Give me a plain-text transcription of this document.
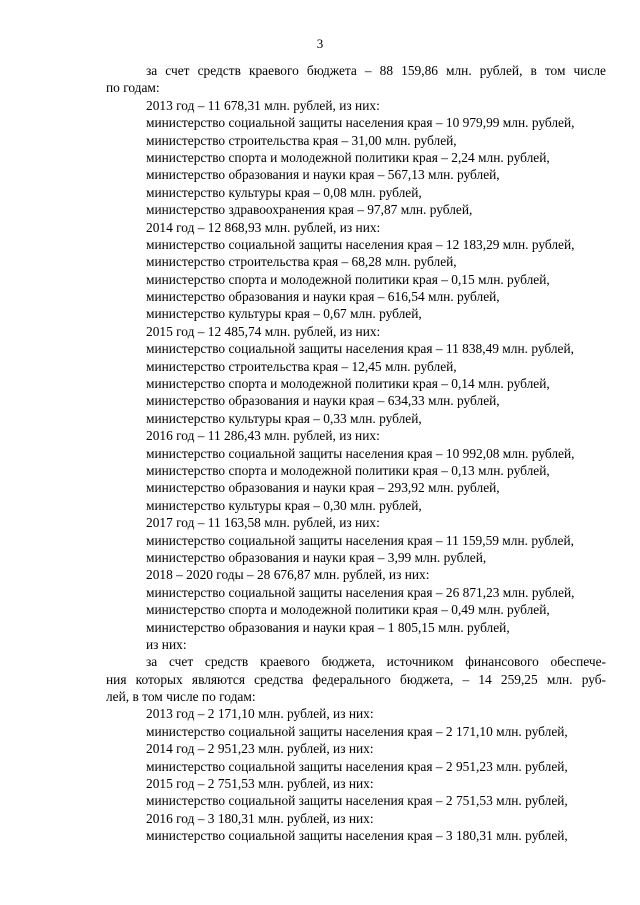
3
за счет средств краевого бюджета – 88 159,86 млн. рублей, в том числе
по годам:
2013 год – 11 678,31 млн. рублей, из них:
министерство социальной защиты населения края – 10 979,99 млн. рублей,
министерство строительства края – 31,00 млн. рублей,
министерство спорта и молодежной политики края – 2,24 млн. рублей,
министерство образования и науки края – 567,13 млн. рублей,
министерство культуры края – 0,08 млн. рублей,
министерство здравоохранения края – 97,87 млн. рублей,
2014 год – 12 868,93 млн. рублей, из них:
министерство социальной защиты населения края – 12 183,29 млн. рублей,
министерство строительства края – 68,28 млн. рублей,
министерство спорта и молодежной политики края – 0,15 млн. рублей,
министерство образования и науки края – 616,54 млн. рублей,
министерство культуры края – 0,67 млн. рублей,
2015 год – 12 485,74 млн. рублей, из них:
министерство социальной защиты населения края – 11 838,49 млн. рублей,
министерство строительства края – 12,45 млн. рублей,
министерство спорта и молодежной политики края – 0,14 млн. рублей,
министерство образования и науки края – 634,33 млн. рублей,
министерство культуры края – 0,33 млн. рублей,
2016 год – 11 286,43 млн. рублей, из них:
министерство социальной защиты населения края – 10 992,08 млн. рублей,
министерство спорта и молодежной политики края – 0,13 млн. рублей,
министерство образования и науки края – 293,92 млн. рублей,
министерство культуры края – 0,30 млн. рублей,
2017 год – 11 163,58 млн. рублей, из них:
министерство социальной защиты населения края – 11 159,59 млн. рублей,
министерство образования и науки края – 3,99 млн. рублей,
2018 – 2020 годы – 28 676,87 млн. рублей, из них:
министерство социальной защиты населения края – 26 871,23 млн. рублей,
министерство спорта и молодежной политики края – 0,49 млн. рублей,
министерство образования и науки края – 1 805,15 млн. рублей,
из них:
за счет средств краевого бюджета, источником финансового обеспече-
ния которых являются средства федерального бюджета, – 14 259,25 млн. руб-
лей, в том числе по годам:
2013 год – 2 171,10 млн. рублей, из них:
министерство социальной защиты населения края – 2 171,10 млн. рублей,
2014 год – 2 951,23 млн. рублей, из них:
министерство социальной защиты населения края – 2 951,23 млн. рублей,
2015 год – 2 751,53 млн. рублей, из них:
министерство социальной защиты населения края – 2 751,53 млн. рублей,
2016 год – 3 180,31 млн. рублей, из них:
министерство социальной защиты населения края – 3 180,31 млн. рублей,
